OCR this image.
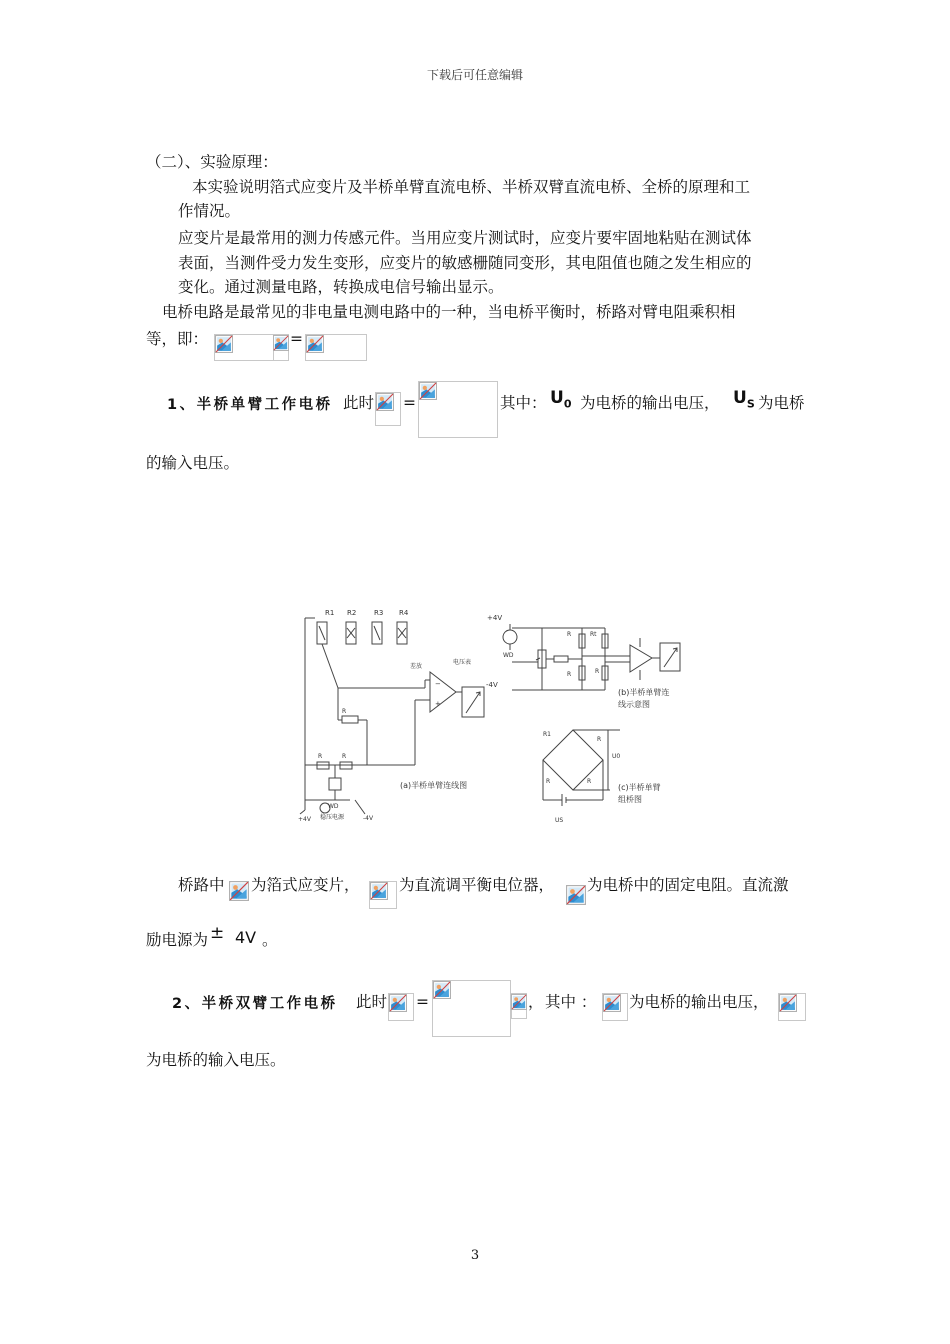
下载后可任意编辑
（二）、实验原理：
本实验说明箔式应变片及半桥单臂直流电桥、半桥双臂直流电桥、全桥的原理和工
作情况。
应变片是最常用的测力传感元件。当用应变片测试时，应变片要牢固地粘贴在测试体
表面，当测件受力发生变形，应变片的敏感栅随同变形，其电阻值也随之发生相应的
变化。通过测量电路，转换成电信号输出显示。
电桥电路是最常见的非电量电测电路中的一种，当电桥平衡时，桥路对臂电阻乘积相
等，即：	=
1、半桥单臂工作电桥 此时 =	其中： $U_0$ 为电桥的输出电压， $U_S$ 为电桥
的输入电压。
−
+
R1 R2	R3 R4
差放
电压表
-4V
R
R	R
(a)半桥单臂连线图
+4V
WD
稳压电源	-4V
+4V
WD
R	Rt
R	R
(b)半桥单臂连
线示意图
R1
R
R	R
U0
US
(c)半桥单臂
组桥图
桥路中 为箔式应变片，	为直流调平衡电位器， 为电桥中的固定电阻。直流激
励电源为 ± 4V 。
2、半桥双臂工作电桥 此时 =	， 其中 ： 为电桥的输出电压，
为电桥的输入电压。
3
